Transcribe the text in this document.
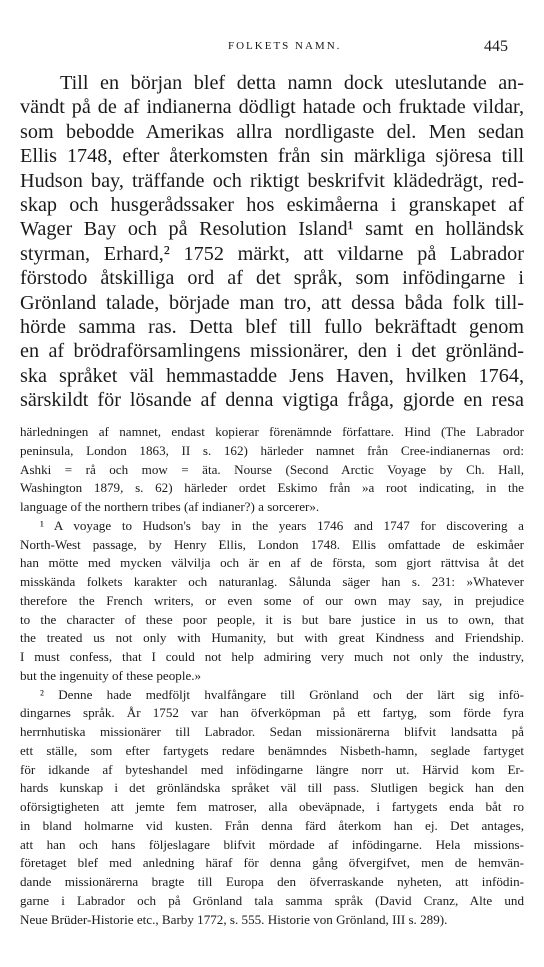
FOLKETS NAMN.	445
Till en början blef detta namn dock uteslutande an-
vändt på de af indianerna dödligt hatade och fruktade vildar,
som bebodde Amerikas allra nordligaste del. Men sedan
Ellis 1748, efter återkomsten från sin märkliga sjöresa till
Hudson bay, träffande och riktigt beskrifvit klädedrägt, red-
skap och husgerådssaker hos eskimåerna i granskapet af
Wager Bay och på Resolution Island¹ samt en holländsk
styrman, Erhard,² 1752 märkt, att vildarne på Labrador
förstodo åtskilliga ord af det språk, som infödingarne i
Grönland talade, började man tro, att dessa båda folk till-
hörde samma ras. Detta blef till fullo bekräftadt genom
en af brödraförsamlingens missionärer, den i det grönländ-
ska språket väl hemmastadde Jens Haven, hvilken 1764,
särskildt för lösande af denna vigtiga fråga, gjorde en resa
härledningen af namnet, endast kopierar förenämnde författare. Hind (The Labrador
peninsula, London 1863, II s. 162) härleder namnet från Cree-indianernas ord:
Ashki = rå och mow = äta. Nourse (Second Arctic Voyage by Ch. Hall,
Washington 1879, s. 62) härleder ordet Eskimo från »a root indicating, in the
language of the northern tribes (af indianer?) a sorcerer».
¹ A voyage to Hudson's bay in the years 1746 and 1747 for discovering a
North-West passage, by Henry Ellis, London 1748. Ellis omfattade de eskimåer
han mötte med mycken välvilja och är en af de första, som gjort rättvisa åt det
misskända folkets karakter och naturanlag. Sålunda säger han s. 231: »Whatever
therefore the French writers, or even some of our own may say, in prejudice
to the character of these poor people, it is but bare justice in us to own, that
the treated us not only with Humanity, but with great Kindness and Friendship.
I must confess, that I could not help admiring very much not only the industry,
but the ingenuity of these people.»
² Denne hade medföljt hvalfångare till Grönland och der lärt sig infö-
dingarnes språk. År 1752 var han öfverköpman på ett fartyg, som förde fyra
herrnhutiska missionärer till Labrador. Sedan missionärerna blifvit landsatta på
ett ställe, som efter fartygets redare benämndes Nisbeth-hamn, seglade fartyget
för idkande af byteshandel med infödingarne längre norr ut. Härvid kom Er-
hards kunskap i det grönländska språket väl till pass. Slutligen begick han den
oförsigtigheten att jemte fem matroser, alla obeväpnade, i fartygets enda båt ro
in bland holmarne vid kusten. Från denna färd återkom han ej. Det antages,
att han och hans följeslagare blifvit mördade af infödingarne. Hela missions-
företaget blef med anledning häraf för denna gång öfvergifvet, men de hemvän-
dande missionärerna bragte till Europa den öfverraskande nyheten, att infödin-
garne i Labrador och på Grönland tala samma språk (David Cranz, Alte und
Neue Brüder-Historie etc., Barby 1772, s. 555. Historie von Grönland, III s. 289).
